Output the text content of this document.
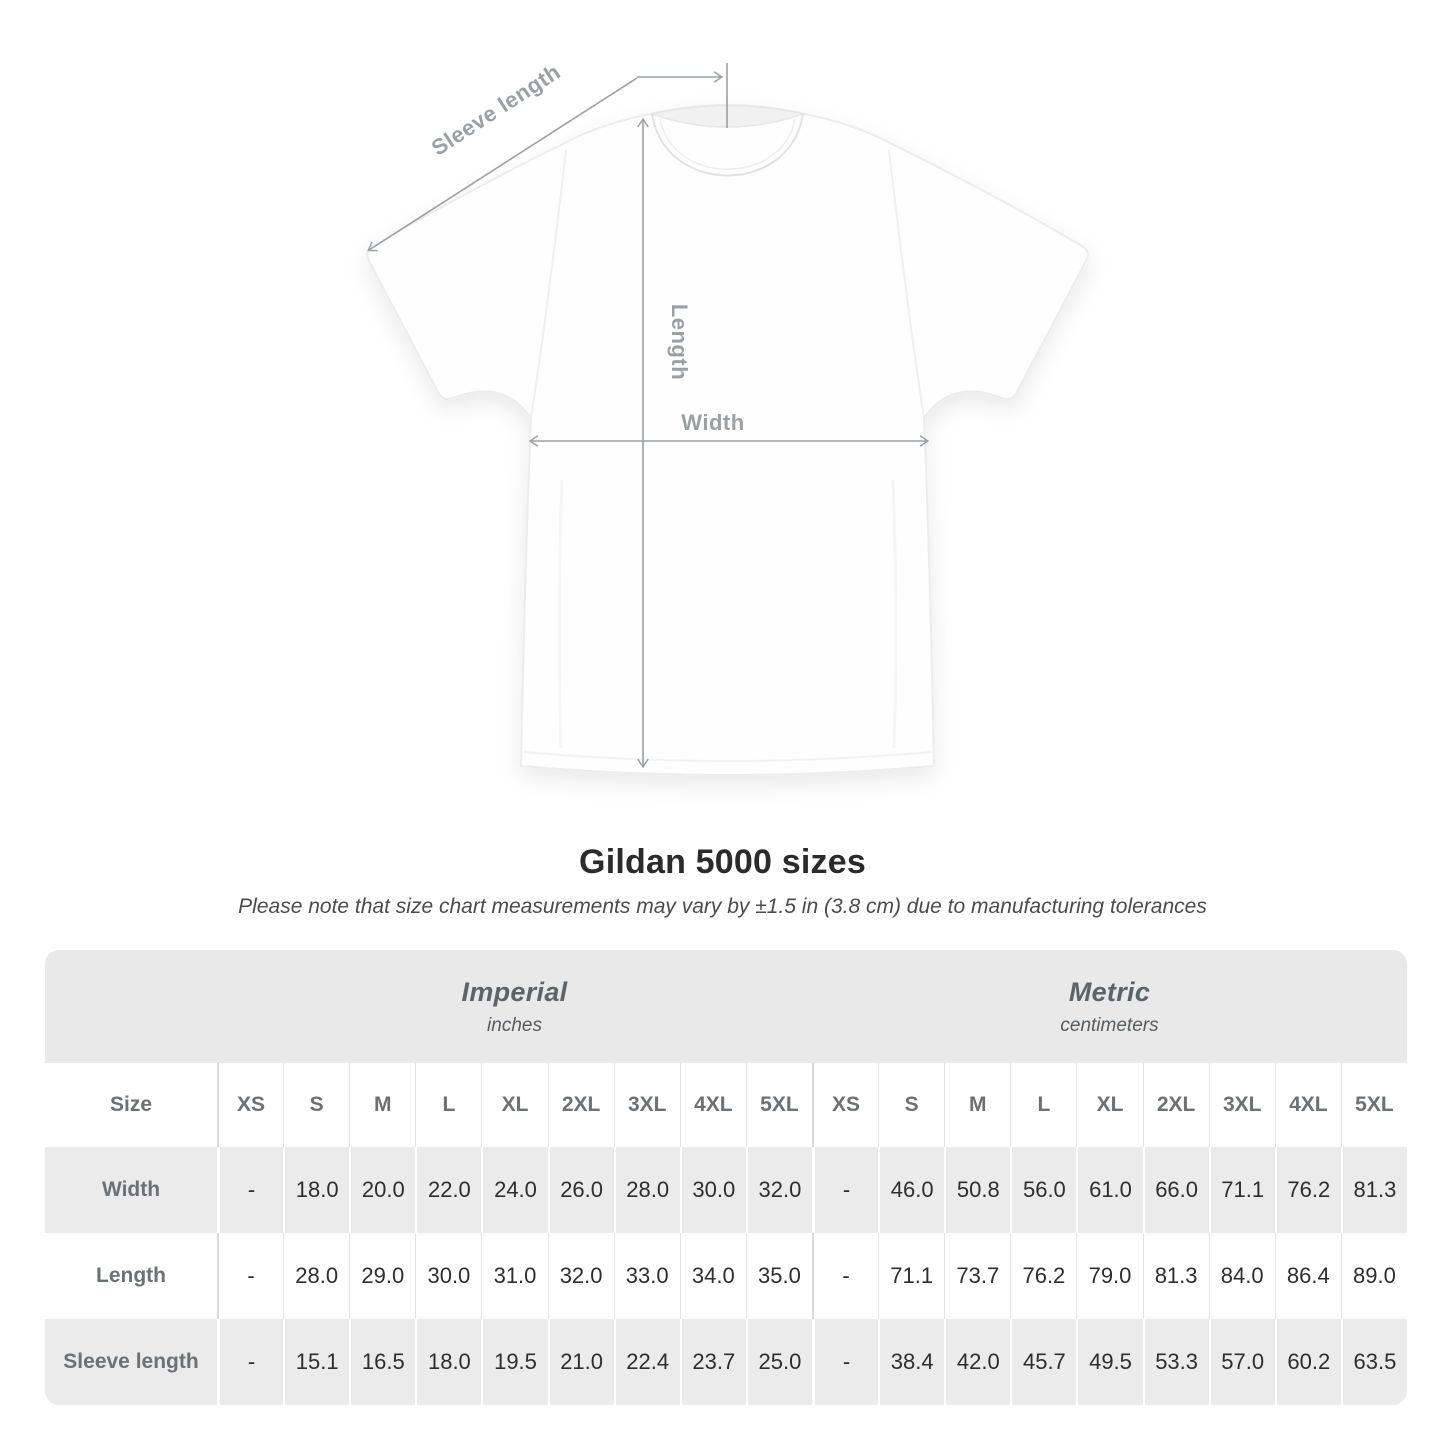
Sleeve length
Length
Width
Gildan 5000 sizes
Please note that size chart measurements may vary by ±1.5 in (3.8 cm) due to manufacturing tolerances
Imperial
inches
Metric
centimeters
Size	XS	S	M	L	XL	2XL	3XL	4XL	5XL	XS	S	M	L	XL	2XL	3XL	4XL	5XL
Width	-	18.0	20.0	22.0	24.0	26.0	28.0	30.0	32.0	-	46.0	50.8	56.0	61.0	66.0	71.1	76.2	81.3
Length	-	28.0	29.0	30.0	31.0	32.0	33.0	34.0	35.0	-	71.1	73.7	76.2	79.0	81.3	84.0	86.4	89.0
Sleeve length	-	15.1	16.5	18.0	19.5	21.0	22.4	23.7	25.0	-	38.4	42.0	45.7	49.5	53.3	57.0	60.2	63.5
